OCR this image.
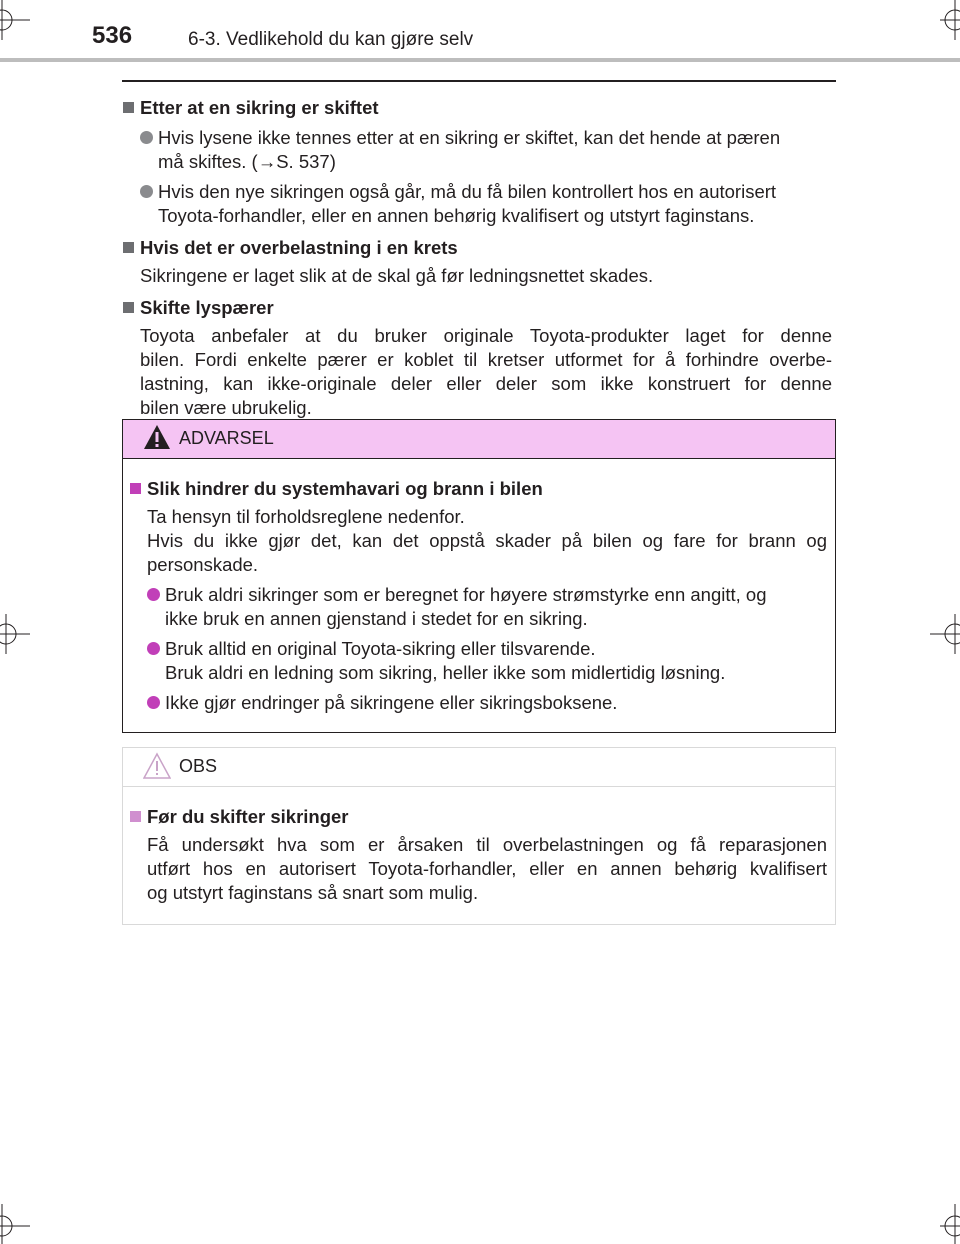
536	6-3. Vedlikehold du kan gjøre selv
Etter at en sikring er skiftet
Hvis lysene ikke tennes etter at en sikring er skiftet, kan det hende at pæren
må skiftes. (→S. 537)
Hvis den nye sikringen også går, må du få bilen kontrollert hos en autorisert
Toyota-forhandler, eller en annen behørig kvalifisert og utstyrt faginstans.
Hvis det er overbelastning i en krets
Sikringene er laget slik at de skal gå før ledningsnettet skades.
Skifte lyspærer
Toyota anbefaler at du bruker originale Toyota-produkter laget for denne
bilen. Fordi enkelte pærer er koblet til kretser utformet for å forhindre overbe-
lastning, kan ikke-originale deler eller deler som ikke konstruert for denne
bilen være ubrukelig.
ADVARSEL
Slik hindrer du systemhavari og brann i bilen
Ta hensyn til forholdsreglene nedenfor.
Hvis du ikke gjør det, kan det oppstå skader på bilen og fare for brann og
personskade.
Bruk aldri sikringer som er beregnet for høyere strømstyrke enn angitt, og
ikke bruk en annen gjenstand i stedet for en sikring.
Bruk alltid en original Toyota-sikring eller tilsvarende.
Bruk aldri en ledning som sikring, heller ikke som midlertidig løsning.
Ikke gjør endringer på sikringene eller sikringsboksene.
OBS
Før du skifter sikringer
Få undersøkt hva som er årsaken til overbelastningen og få reparasjonen
utført hos en autorisert Toyota-forhandler, eller en annen behørig kvalifisert
og utstyrt faginstans så snart som mulig.
